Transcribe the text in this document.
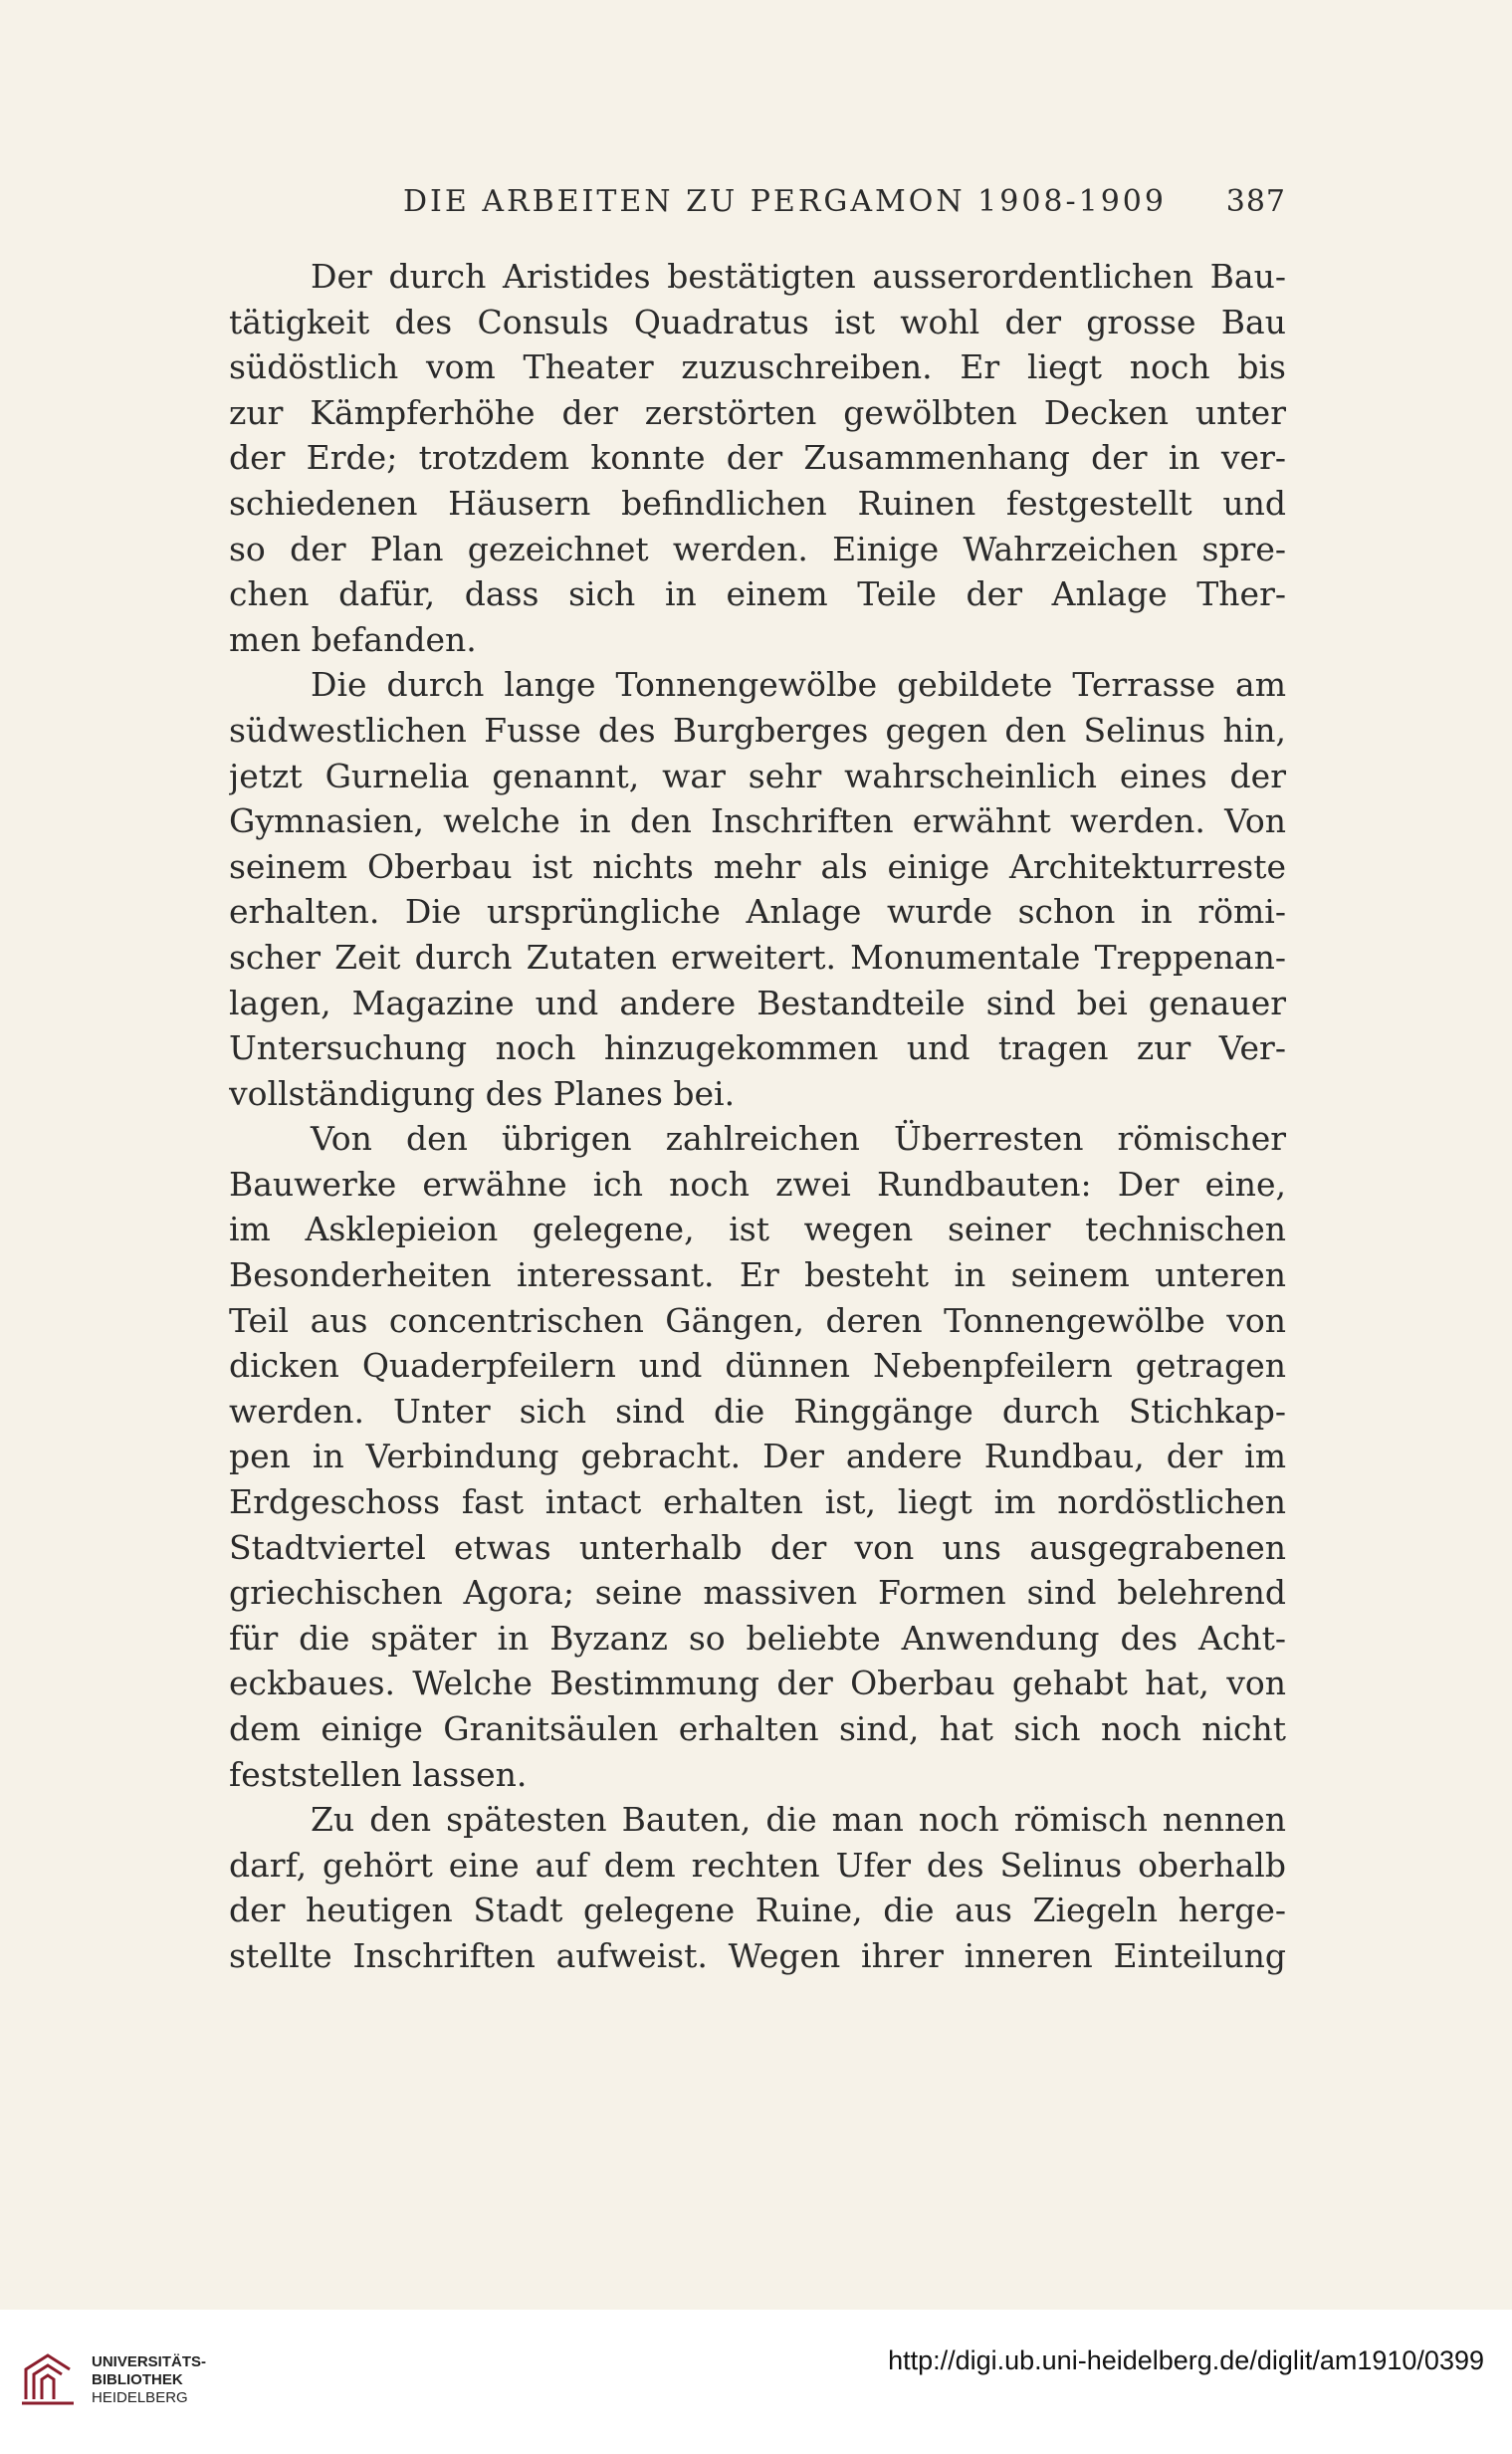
DIE ARBEITEN ZU PERGAMON 1908-1909 387
Der durch Aristides bestätigten ausserordentlichen Bau-
tätigkeit des Consuls Quadratus ist wohl der grosse Bau
südöstlich vom Theater zuzuschreiben. Er liegt noch bis
zur Kämpferhöhe der zerstörten gewölbten Decken unter
der Erde; trotzdem konnte der Zusammenhang der in ver-
schiedenen Häusern befindlichen Ruinen festgestellt und
so der Plan gezeichnet werden. Einige Wahrzeichen spre-
chen dafür, dass sich in einem Teile der Anlage Ther-
men befanden.
Die durch lange Tonnengewölbe gebildete Terrasse am
südwestlichen Fusse des Burgberges gegen den Selinus hin,
jetzt Gurnelia genannt, war sehr wahrscheinlich eines der
Gymnasien, welche in den Inschriften erwähnt werden. Von
seinem Oberbau ist nichts mehr als einige Architekturreste
erhalten. Die ursprüngliche Anlage wurde schon in römi-
scher Zeit durch Zutaten erweitert. Monumentale Treppenan-
lagen, Magazine und andere Bestandteile sind bei genauer
Untersuchung noch hinzugekommen und tragen zur Ver-
vollständigung des Planes bei.
Von den übrigen zahlreichen Überresten römischer
Bauwerke erwähne ich noch zwei Rundbauten: Der eine,
im Asklepieion gelegene, ist wegen seiner technischen
Besonderheiten interessant. Er besteht in seinem unteren
Teil aus concentrischen Gängen, deren Tonnengewölbe von
dicken Quaderpfeilern und dünnen Nebenpfeilern getragen
werden. Unter sich sind die Ringgänge durch Stichkap-
pen in Verbindung gebracht. Der andere Rundbau, der im
Erdgeschoss fast intact erhalten ist, liegt im nordöstlichen
Stadtviertel etwas unterhalb der von uns ausgegrabenen
griechischen Agora; seine massiven Formen sind belehrend
für die später in Byzanz so beliebte Anwendung des Acht-
eckbaues. Welche Bestimmung der Oberbau gehabt hat, von
dem einige Granitsäulen erhalten sind, hat sich noch nicht
feststellen lassen.
Zu den spätesten Bauten, die man noch römisch nennen
darf, gehört eine auf dem rechten Ufer des Selinus oberhalb
der heutigen Stadt gelegene Ruine, die aus Ziegeln herge-
stellte Inschriften aufweist. Wegen ihrer inneren Einteilung
UNIVERSITÄTS-
BIBLIOTHEK
HEIDELBERG
http://digi.ub.uni-heidelberg.de/diglit/am1910/0399
